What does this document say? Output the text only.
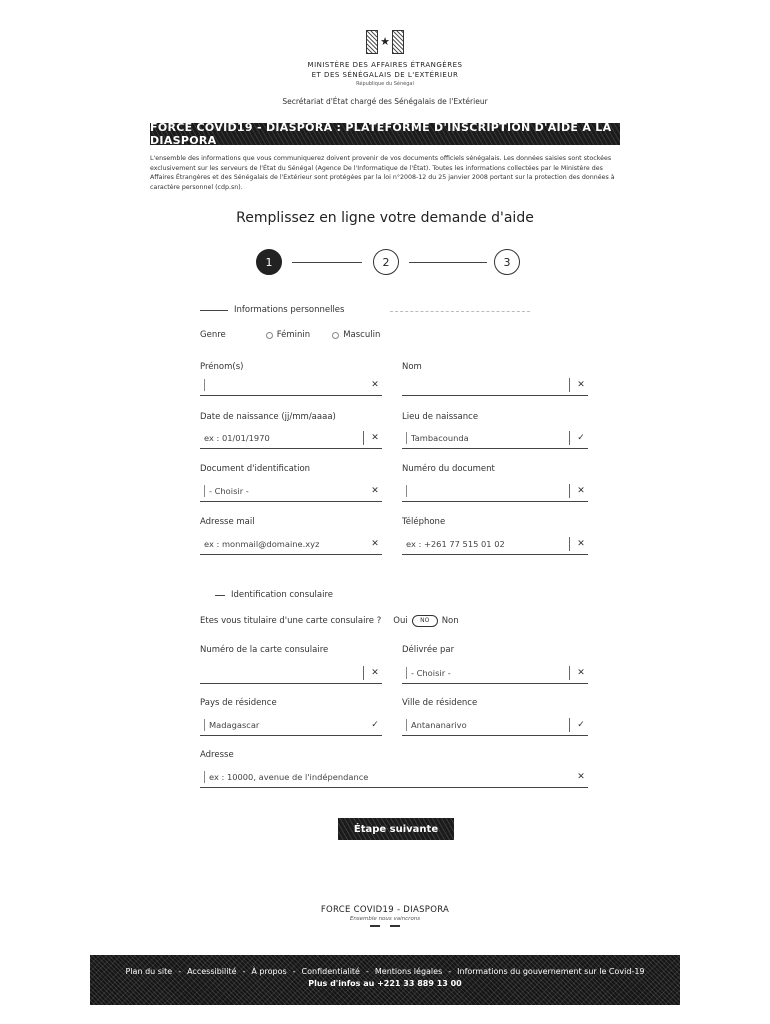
★
MINISTÈRE DES AFFAIRES ÉTRANGÈRES
ET DES SÉNÉGALAIS DE L'EXTÉRIEUR
République du Sénégal
Secrétariat d'État chargé des Sénégalais de l'Extérieur
FORCE COVID19 - DIASPORA : PLATEFORME D'INSCRIPTION D'AIDE À LA DIASPORA
L'ensemble des informations que vous communiquerez doivent provenir de vos documents officiels sénégalais. Les données saisies sont stockées exclusivement sur les serveurs de l'État du Sénégal (Agence De l'Informatique de l'État). Toutes les informations collectées par le Ministère des Affaires Étrangères et des Sénégalais de l'Extérieur sont protégées par la loi n°2008-12 du 25 janvier 2008 portant sur la protection des données à caractère personnel (cdp.sn).
Remplissez en ligne votre demande d'aide
1	2	3
Informations personnelles
Genre	Féminin	Masculin
Prénom(s)
✕
Nom
✕
Date de naissance (jj/mm/aaaa)
ex : 01/01/1970	✕
Lieu de naissance
Tambacounda	✓
Document d'identification
- Choisir -	✕
Numéro du document
✕
Adresse mail
ex : monmail@domaine.xyz	✕
Téléphone
ex : +261 77 515 01 02	✕
Identification consulaire
Etes vous titulaire d'une carte consulaire ? Oui	NO	Non
Numéro de la carte consulaire
✕
Délivrée par
- Choisir -	✕
Pays de résidence
Madagascar	✓
Ville de résidence
Antananarivo	✓
Adresse
ex : 10000, avenue de l'indépendance	✕
Étape suivante
FORCE COVID19 - DIASPORA
Ensemble nous vaincrons
Plan du site - Accessibilité - À propos - Confidentialité - Mentions légales - Informations du gouvernement sur le Covid-19
Plus d'infos au +221 33 889 13 00
